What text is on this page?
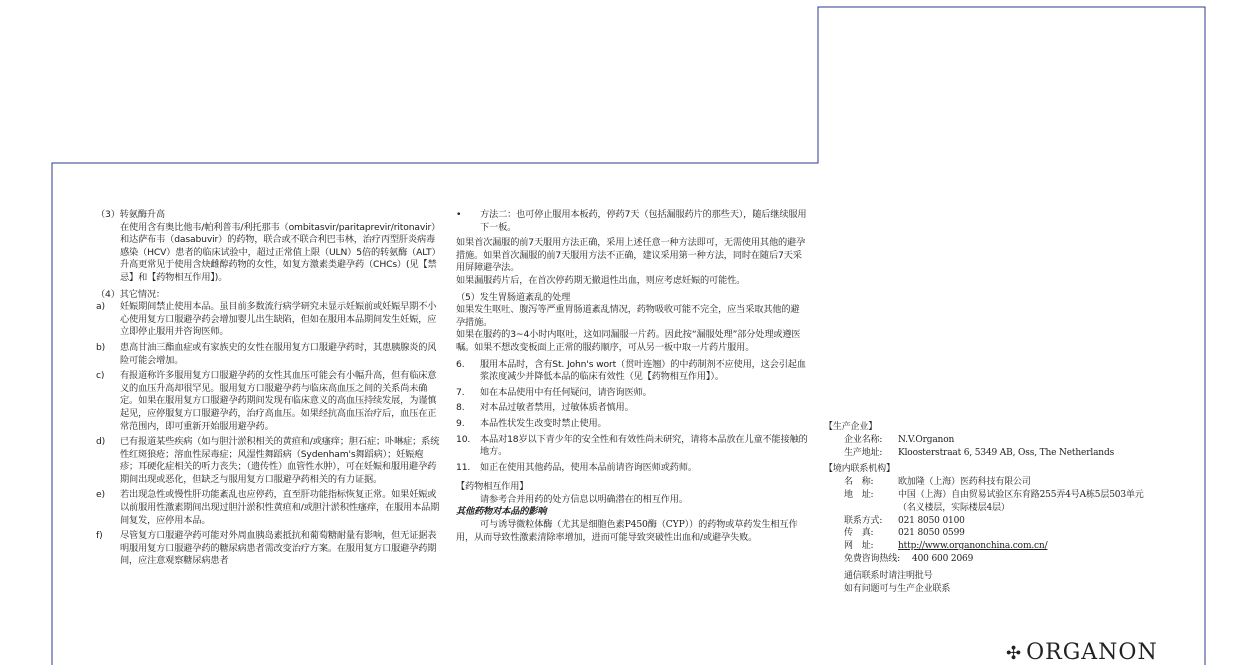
（3）转氨酶升高

在使用含有奥比他韦/帕利普韦/利托那韦（ombitasvir/paritaprevir/ritonavir）和达萨布韦（dasabuvir）的药物，联合或不联合利巴韦林，治疗丙型肝炎病毒感染（HCV）患者的临床试验中，超过正常值上限（ULN）5倍的转氨酶（ALT）升高更常见于使用含炔雌醇药物的女性，如复方激素类避孕药（CHCs）(见【禁忌】和【药物相互作用】)。

（4）其它情况：

a) 妊娠期间禁止使用本品。虽目前多数流行病学研究未显示妊娠前或妊娠早期不小心使用复方口服避孕药会增加婴儿出生缺陷，但如在服用本品期间发生妊娠，应立即停止服用并咨询医师。
b) 患高甘油三酯血症或有家族史的女性在服用复方口服避孕药时，其患胰腺炎的风险可能会增加。
c) 有报道称许多服用复方口服避孕药的女性其血压可能会有小幅升高，但有临床意义的血压升高却很罕见。服用复方口服避孕药与临床高血压之间的关系尚未确定。如果在服用复方口服避孕药期间发现有临床意义的高血压持续发展，为谨慎起见，应停服复方口服避孕药，治疗高血压。如果经抗高血压治疗后，血压在正常范围内，即可重新开始服用避孕药。
d) 已有报道某些疾病（如与胆汁淤积相关的黄疸和/或瘙痒；胆石症；卟啉症；系统性红斑狼疮；溶血性尿毒症；风湿性舞蹈病（Sydenham's舞蹈病）；妊娠疱疹；耳硬化症相关的听力丧失；（遗传性）血管性水肿），可在妊娠和服用避孕药期间出现或恶化，但缺乏与服用复方口服避孕药相关的有力证据。
e) 若出现急性或慢性肝功能紊乱也应停药，直至肝功能指标恢复正常。如果妊娠或以前服用性激素期间出现过胆汁淤积性黄疸和/或胆汁淤积性瘙痒，在服用本品期间复发，应停用本品。
f) 尽管复方口服避孕药可能对外周血胰岛素抵抗和葡萄糖耐量有影响，但无证据表明服用复方口服避孕药的糖尿病患者需改变治疗方案。在服用复方口服避孕药期间，应注意观察糖尿病患者
• 方法二：也可停止服用本板药，停药7天（包括漏服药片的那些天），随后继续服用下一板。

如果首次漏服的前7天服用方法正确，采用上述任意一种方法即可，无需使用其他的避孕措施。如果首次漏服的前7天服用方法不正确，建议采用第一种方法，同时在随后7天采用屏障避孕法。

如果漏服药片后，在首次停药期无撤退性出血，则应考虑妊娠的可能性。

（5）发生胃肠道紊乱的处理

如果发生呕吐、腹泻等严重胃肠道紊乱情况，药物吸收可能不完全，应当采取其他的避孕措施。

如果在服药的3~4小时内呕吐，这如同漏服一片药。因此按“漏服处理”部分处理或遵医嘱。如果不想改变板面上正常的服药顺序，可从另一板中取一片药片服用。

6. 服用本品时，含有St. John's wort（贯叶连翘）的中药制剂不应使用，这会引起血浆浓度减少并降低本品的临床有效性（见【药物相互作用】）。
7. 如在本品使用中有任何疑问，请咨询医师。
8. 对本品过敏者禁用，过敏体质者慎用。
9. 本品性状发生改变时禁止使用。
10. 本品对18岁以下青少年的安全性和有效性尚未研究，请将本品放在儿童不能接触的地方。
11. 如正在使用其他药品，使用本品前请咨询医师或药师。

【药物相互作用】

请参考合并用药的处方信息以明确潜在的相互作用。

其他药物对本品的影响

可与诱导微粒体酶（尤其是细胞色素P450酶（CYP））的药物或草药发生相互作用，从而导致性激素清除率增加，进而可能导致突破性出血和/或避孕失败。

【生产企业】

企业名称: N.V.Organon
生产地址: Kloosterstraat 6, 5349 AB, Oss, The Netherlands

【境内联系机构】

名　称:	欧加隆（上海）医药科技有限公司
地　址:	中国（上海）自由贸易试验区东育路255弄4号A栋5层503单元（名义楼层，实际楼层4层）
联系方式: 021 8050 0100
传　真:	021 8050 0599
网　址:	http://www.organonchina.com.cn/
免费咨询热线: 400 600 2069

通信联系时请注明批号

如有问题可与生产企业联系

✣ ORGANON
